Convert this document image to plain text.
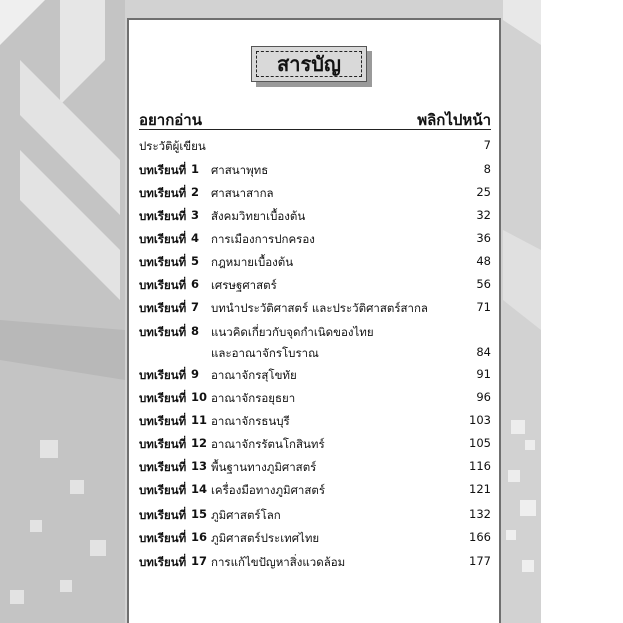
สารบัญ
อยากอ่าน	พลิกไปหน้า
ประวัติผู้เขียน	7
บทเรียนที่ 1 ศาสนาพุทธ	8
บทเรียนที่ 2 ศาสนาสากล	25
บทเรียนที่ 3 สังคมวิทยาเบื้องต้น	32
บทเรียนที่ 4 การเมืองการปกครอง	36
บทเรียนที่ 5 กฎหมายเบื้องต้น	48
บทเรียนที่ 6 เศรษฐศาสตร์	56
บทเรียนที่ 7 บทนำประวัติศาสตร์ และประวัติศาสตร์สากล	71
บทเรียนที่ 8 แนวคิดเกี่ยวกับจุดกำเนิดของไทย
และอาณาจักรโบราณ	84
บทเรียนที่ 9 อาณาจักรสุโขทัย	91
บทเรียนที่ 10 อาณาจักรอยุธยา	96
บทเรียนที่ 11 อาณาจักรธนบุรี	103
บทเรียนที่ 12 อาณาจักรรัตนโกสินทร์	105
บทเรียนที่ 13 พื้นฐานทางภูมิศาสตร์	116
บทเรียนที่ 14 เครื่องมือทางภูมิศาสตร์	121
บทเรียนที่ 15 ภูมิศาสตร์โลก	132
บทเรียนที่ 16 ภูมิศาสตร์ประเทศไทย	166
บทเรียนที่ 17 การแก้ไขปัญหาสิ่งแวดล้อม	177
